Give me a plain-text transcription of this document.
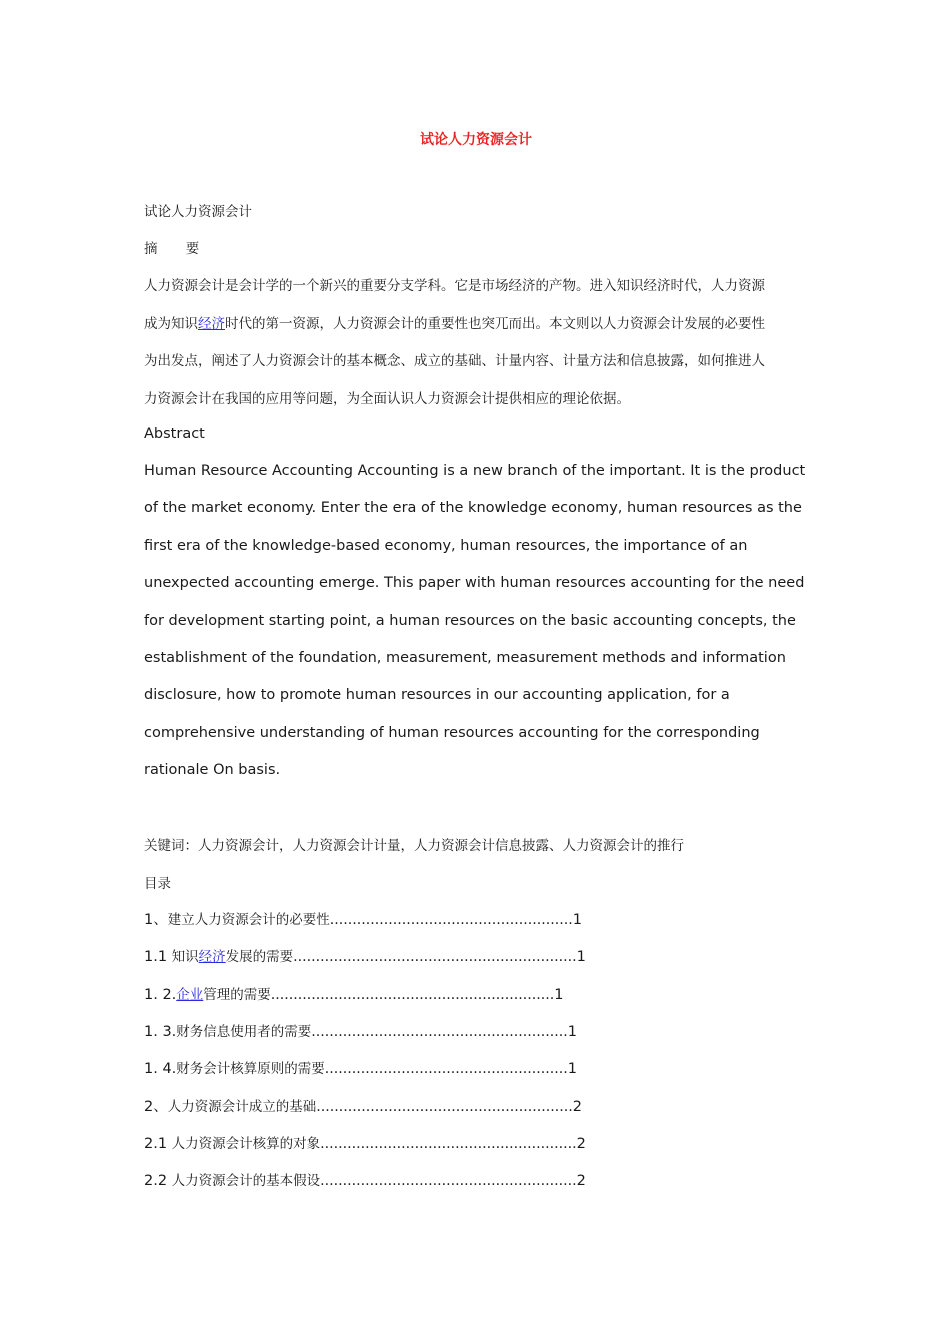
试论人力资源会计
试论人力资源会计
摘 要
人力资源会计是会计学的一个新兴的重要分支学科。它是市场经济的产物。进入知识经济时代，人力资源
成为知识经济时代的第一资源，人力资源会计的重要性也突兀而出。本文则以人力资源会计发展的必要性
为出发点，阐述了人力资源会计的基本概念、成立的基础、计量内容、计量方法和信息披露，如何推进人
力资源会计在我国的应用等问题，为全面认识人力资源会计提供相应的理论依据。
Abstract
Human Resource Accounting Accounting is a new branch of the important. It is the product
of the market economy. Enter the era of the knowledge economy, human resources as the
first era of the knowledge-based economy, human resources, the importance of an
unexpected accounting emerge. This paper with human resources accounting for the need
for development starting point, a human resources on the basic accounting concepts, the
establishment of the foundation, measurement, measurement methods and information
disclosure, how to promote human resources in our accounting application, for a
comprehensive understanding of human resources accounting for the corresponding
rationale On basis.
关键词：人力资源会计，人力资源会计计量，人力资源会计信息披露、人力资源会计的推行
目录
1、建立人力资源会计的必要性………………………………………………1
1.1 知识经济发展的需要………………………………………………………1
1. 2.企业管理的需要………………………………………………………1
1. 3.财务信息使用者的需要…………………………………………………1
1. 4.财务会计核算原则的需要………………………………………………1
2、人力资源会计成立的基础…………………………………………………2
2.1 人力资源会计核算的对象…………………………………………………2
2.2 人力资源会计的基本假设…………………………………………………2
